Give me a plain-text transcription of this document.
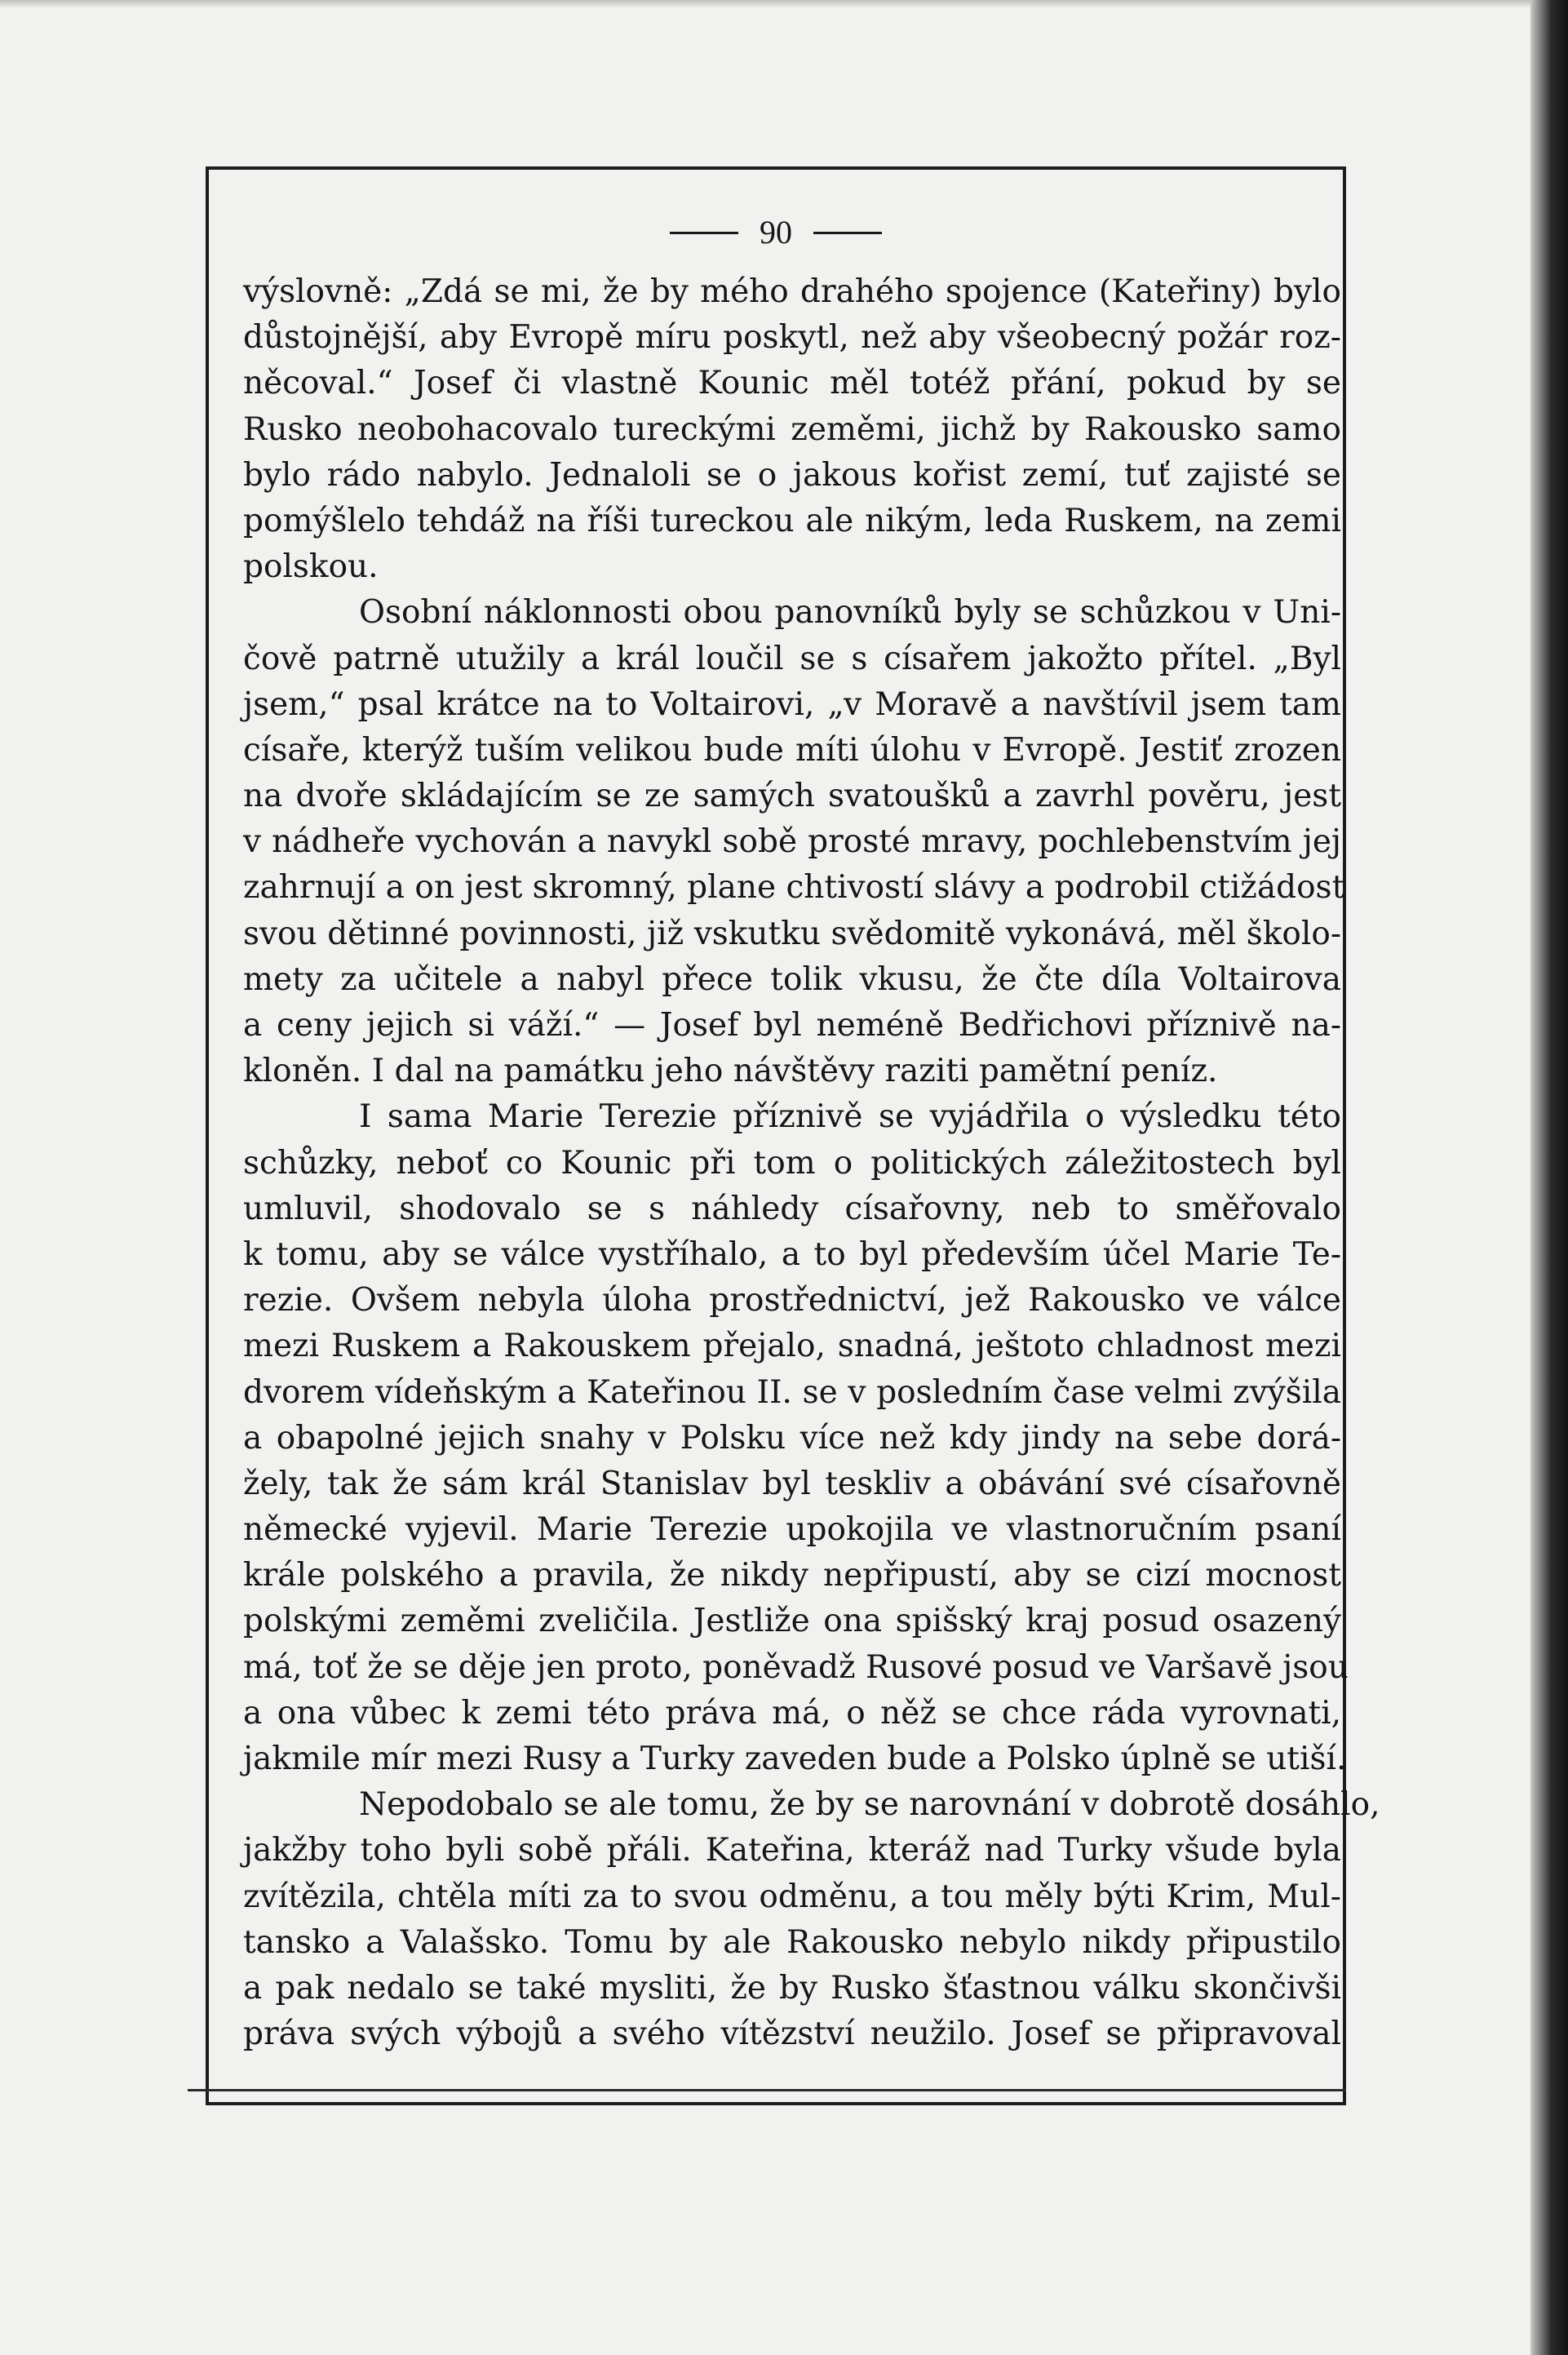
90
výslovně: „Zdá se mi, že by mého drahého spojence (Kateřiny) bylo
důstojnější, aby Evropě míru poskytl, než aby všeobecný požár roz-
něcoval.“ Josef či vlastně Kounic měl totéž přání, pokud by se
Rusko neobohacovalo tureckými zeměmi, jichž by Rakousko samo
bylo rádo nabylo. Jednaloli se o jakous kořist zemí, tuť zajisté se
pomýšlelo tehdáž na říši tureckou ale nikým, leda Ruskem, na zemi
polskou.
Osobní náklonnosti obou panovníků byly se schůzkou v Uni-
čově patrně utužily a král loučil se s císařem jakožto přítel. „Byl
jsem,“ psal krátce na to Voltairovi, „v Moravě a navštívil jsem tam
císaře, kterýž tuším velikou bude míti úlohu v Evropě. Jestiť zrozen
na dvoře skládajícím se ze samých svatoušků a zavrhl pověru, jest
v nádheře vychován a navykl sobě prosté mravy, pochlebenstvím jej
zahrnují a on jest skromný, plane chtivostí slávy a podrobil ctižádost
svou dětinné povinnosti, již vskutku svědomitě vykonává, měl školo-
mety za učitele a nabyl přece tolik vkusu, že čte díla Voltairova
a ceny jejich si váží.“ — Josef byl neméně Bedřichovi příznivě na-
kloněn. I dal na památku jeho návštěvy raziti pamětní peníz.
I sama Marie Terezie příznivě se vyjádřila o výsledku této
schůzky, neboť co Kounic při tom o politických záležitostech byl
umluvil, shodovalo se s náhledy císařovny, neb to směřovalo
k tomu, aby se válce vystříhalo, a to byl především účel Marie Te-
rezie. Ovšem nebyla úloha prostřednictví, jež Rakousko ve válce
mezi Ruskem a Rakouskem přejalo, snadná, ještoto chladnost mezi
dvorem vídeňským a Kateřinou II. se v posledním čase velmi zvýšila
a obapolné jejich snahy v Polsku více než kdy jindy na sebe dorá-
žely, tak že sám král Stanislav byl teskliv a obávání své císařovně
německé vyjevil. Marie Terezie upokojila ve vlastnoručním psaní
krále polského a pravila, že nikdy nepřipustí, aby se cizí mocnost
polskými zeměmi zveličila. Jestliže ona spišský kraj posud osazený
má, toť že se děje jen proto, poněvadž Rusové posud ve Varšavě jsou
a ona vůbec k zemi této práva má, o něž se chce ráda vyrovnati,
jakmile mír mezi Rusy a Turky zaveden bude a Polsko úplně se utiší.
Nepodobalo se ale tomu, že by se narovnání v dobrotě dosáhlo,
jakžby toho byli sobě přáli. Kateřina, kteráž nad Turky všude byla
zvítězila, chtěla míti za to svou odměnu, a tou měly býti Krim, Mul-
tansko a Valašsko. Tomu by ale Rakousko nebylo nikdy připustilo
a pak nedalo se také mysliti, že by Rusko šťastnou válku skončivši
práva svých výbojů a svého vítězství neužilo. Josef se připravoval
